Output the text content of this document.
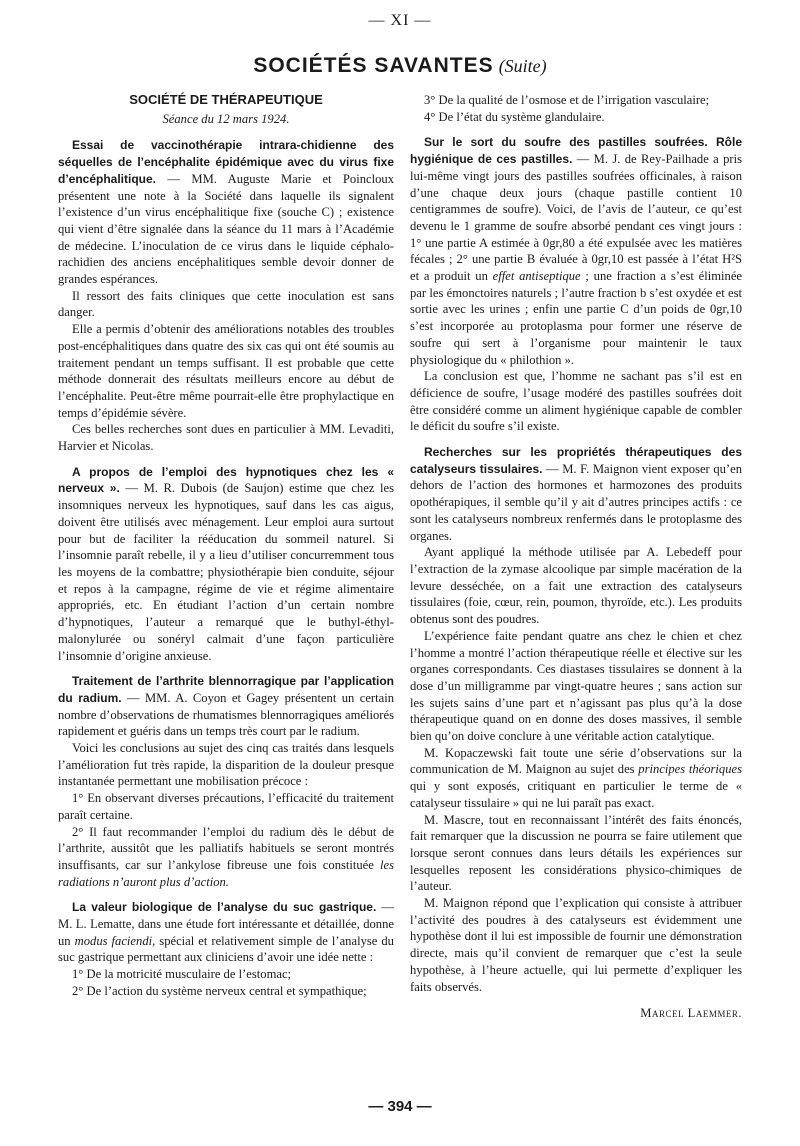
— XI —
SOCIÉTÉS SAVANTES (Suite)
SOCIÉTÉ DE THÉRAPEUTIQUE
Séance du 12 mars 1924.

Essai de vaccinothérapie intrara-chidienne des séquelles de l’encéphalite épidémique avec du virus fixe d’encéphalitique. — MM. Auguste Marie et Poincloux présentent une note à la Société dans laquelle ils signalent l’existence d’un virus encéphalitique fixe (souche C) ; existence qui vient d’être signalée dans la séance du 11 mars à l’Académie de médecine. L’inoculation de ce virus dans le liquide céphalo-rachidien des anciens encéphalitiques semble devoir donner de grandes espérances.

Il ressort des faits cliniques que cette inoculation est sans danger.

Elle a permis d’obtenir des améliorations notables des troubles post-encéphalitiques dans quatre des six cas qui ont été soumis au traitement pendant un temps suffisant. Il est probable que cette méthode donnerait des résultats meilleurs encore au début de l’encéphalite. Peut-être même pourrait-elle être prophylactique en temps d’épidémie sévère.

Ces belles recherches sont dues en particulier à MM. Levaditi, Harvier et Nicolas.

A propos de l’emploi des hypnotiques chez les « nerveux ». — M. R. Dubois (de Saujon) estime que chez les insomniques nerveux les hypnotiques, sauf dans les cas aigus, doivent être utilisés avec ménagement. Leur emploi aura surtout pour but de faciliter la rééducation du sommeil naturel. Si l’insomnie paraît rebelle, il y a lieu d’utiliser concurremment tous les moyens de la combattre; physiothérapie bien conduite, séjour et repos à la campagne, régime de vie et régime alimentaire appropriés, etc. En étudiant l’action d’un certain nombre d’hypnotiques, l’auteur a remarqué que le buthyl-éthyl-malonylurée ou sonéryl calmait d’une façon particulière l’insomnie d’origine anxieuse.

Traitement de l’arthrite blennorragique par l’application du radium. — MM. A. Coyon et Gagey présentent un certain nombre d’observations de rhumatismes blennorragiques améliorés rapidement et guéris dans un temps très court par le radium.

Voici les conclusions au sujet des cinq cas traités dans lesquels l’amélioration fut très rapide, la disparition de la douleur presque instantanée permettant une mobilisation précoce :

1° En observant diverses précautions, l’efficacité du traitement paraît certaine.

2° Il faut recommander l’emploi du radium dès le début de l’arthrite, aussitôt que les palliatifs habituels se seront montrés insuffisants, car sur l’ankylose fibreuse une fois constituée les radiations n’auront plus d’action.

La valeur biologique de l’analyse du suc gastrique. — M. L. Lematte, dans une étude fort intéressante et détaillée, donne un modus faciendi, spécial et relativement simple de l’analyse du suc gastrique permettant aux cliniciens d’avoir une idée nette :

1° De la motricité musculaire de l’estomac;

2° De l’action du système nerveux central et sympathique;

3° De la qualité de l’osmose et de l’irrigation vasculaire;

4° De l’état du système glandulaire.

Sur le sort du soufre des pastilles soufrées. Rôle hygiénique de ces pastilles. — M. J. de Rey-Pailhade a pris lui-même vingt jours des pastilles soufrées officinales, à raison d’une chaque deux jours (chaque pastille contient 10 centigrammes de soufre). Voici, de l’avis de l’auteur, ce qu’est devenu le 1 gramme de soufre absorbé pendant ces vingt jours : 1° une partie A estimée à 0gr,80 a été expulsée avec les matières fécales ; 2° une partie B évaluée à 0gr,10 est passée à l’état H²S et a produit un effet antiseptique ; une fraction a s’est éliminée par les émonctoires naturels ; l’autre fraction b s’est oxydée et est sortie avec les urines ; enfin une partie C d’un poids de 0gr,10 s’est incorporée au protoplasma pour former une réserve de soufre qui sert à l’organisme pour maintenir le taux physiologique du « philothion ».

La conclusion est que, l’homme ne sachant pas s’il est en déficience de soufre, l’usage modéré des pastilles soufrées doit être considéré comme un aliment hygiénique capable de combler le déficit du soufre s’il existe.

Recherches sur les propriétés thérapeutiques des catalyseurs tissulaires. — M. F. Maignon vient exposer qu’en dehors de l’action des hormones et harmozones des produits opothérapiques, il semble qu’il y ait d’autres principes actifs : ce sont les catalyseurs nombreux renfermés dans le protoplasme des organes.

Ayant appliqué la méthode utilisée par A. Lebedeff pour l’extraction de la zymase alcoolique par simple macération de la levure desséchée, on a fait une extraction des catalyseurs tissulaires (foie, cœur, rein, poumon, thyroïde, etc.). Les produits obtenus sont des poudres.

L’expérience faite pendant quatre ans chez le chien et chez l’homme a montré l’action thérapeutique réelle et élective sur les organes correspondants. Ces diastases tissulaires se donnent à la dose d’un milligramme par vingt-quatre heures ; sans action sur les sujets sains d’une part et n’agissant pas plus qu’à la dose thérapeutique quand on en donne des doses massives, il semble bien qu’on doive conclure à une véritable action catalytique.

M. Kopaczewski fait toute une série d’observations sur la communication de M. Maignon au sujet des principes théoriques qui y sont exposés, critiquant en particulier le terme de « catalyseur tissulaire » qui ne lui paraît pas exact.

M. Mascre, tout en reconnaissant l’intérêt des faits énoncés, fait remarquer que la discussion ne pourra se faire utilement que lorsque seront connues dans leurs détails les expériences sur lesquelles reposent les considérations physico-chimiques de l’auteur.

M. Maignon répond que l’explication qui consiste à attribuer l’activité des poudres à des catalyseurs est évidemment une hypothèse dont il lui est impossible de fournir une démonstration directe, mais qu’il convient de remarquer que c’est la seule hypothèse, à l’heure actuelle, qui lui permette d’expliquer les faits observés.

Marcel Laemmer.
— 394 —
